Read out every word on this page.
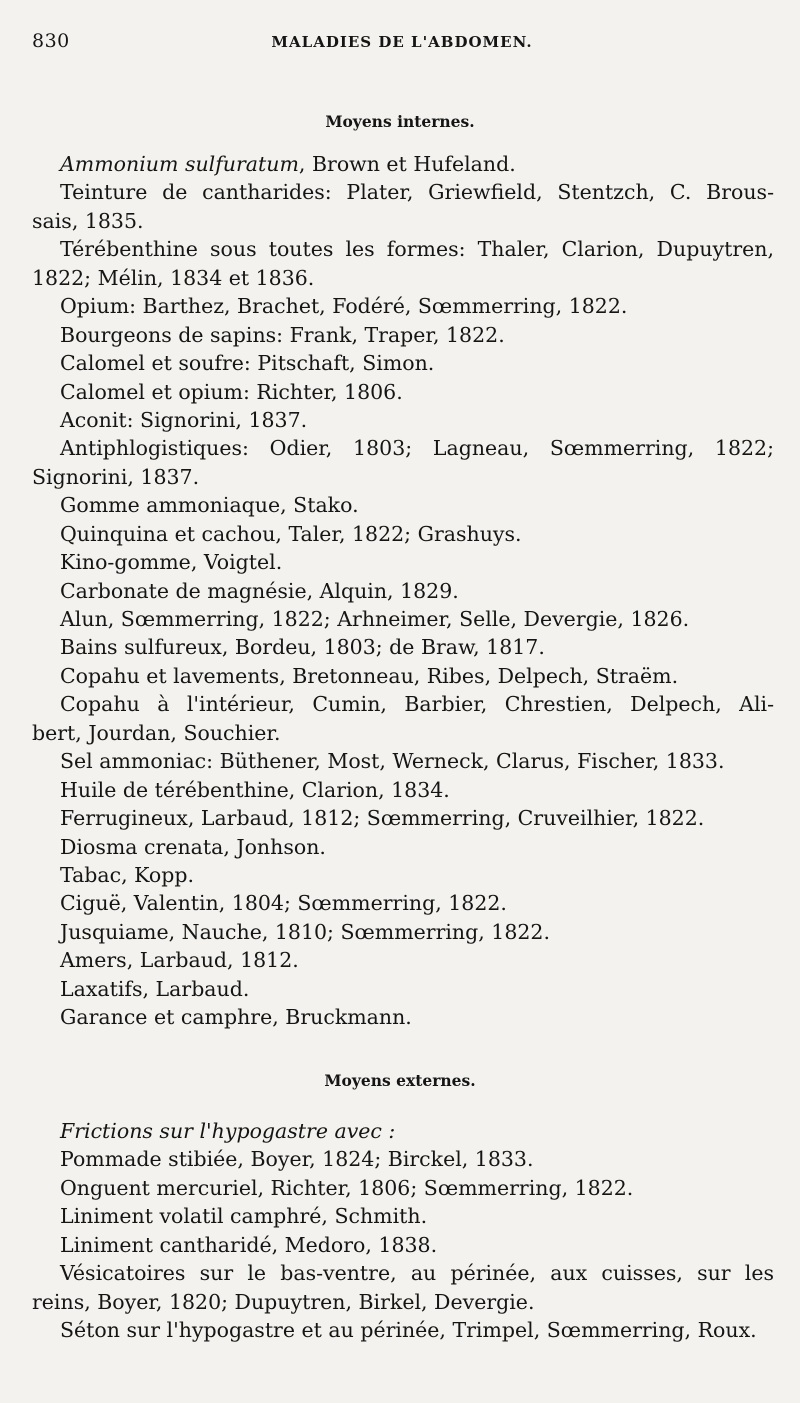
830	MALADIES DE L'ABDOMEN.
Moyens internes.
Ammonium sulfuratum, Brown et Hufeland.
Teinture de cantharides: Plater, Griewfield, Stentzch, C. Brous-
sais, 1835.
Térébenthine sous toutes les formes: Thaler, Clarion, Dupuytren,
1822; Mélin, 1834 et 1836.
Opium: Barthez, Brachet, Fodéré, Sœmmerring, 1822.
Bourgeons de sapins: Frank, Traper, 1822.
Calomel et soufre: Pitschaft, Simon.
Calomel et opium: Richter, 1806.
Aconit: Signorini, 1837.
Antiphlogistiques: Odier, 1803; Lagneau, Sœmmerring, 1822;
Signorini, 1837.
Gomme ammoniaque, Stako.
Quinquina et cachou, Taler, 1822; Grashuys.
Kino-gomme, Voigtel.
Carbonate de magnésie, Alquin, 1829.
Alun, Sœmmerring, 1822; Arhneimer, Selle, Devergie, 1826.
Bains sulfureux, Bordeu, 1803; de Braw, 1817.
Copahu et lavements, Bretonneau, Ribes, Delpech, Straëm.
Copahu à l'intérieur, Cumin, Barbier, Chrestien, Delpech, Ali-
bert, Jourdan, Souchier.
Sel ammoniac: Büthener, Most, Werneck, Clarus, Fischer, 1833.
Huile de térébenthine, Clarion, 1834.
Ferrugineux, Larbaud, 1812; Sœmmerring, Cruveilhier, 1822.
Diosma crenata, Jonhson.
Tabac, Kopp.
Ciguë, Valentin, 1804; Sœmmerring, 1822.
Jusquiame, Nauche, 1810; Sœmmerring, 1822.
Amers, Larbaud, 1812.
Laxatifs, Larbaud.
Garance et camphre, Bruckmann.
Moyens externes.
Frictions sur l'hypogastre avec :
Pommade stibiée, Boyer, 1824; Birckel, 1833.
Onguent mercuriel, Richter, 1806; Sœmmerring, 1822.
Liniment volatil camphré, Schmith.
Liniment cantharidé, Medoro, 1838.
Vésicatoires sur le bas-ventre, au périnée, aux cuisses, sur les
reins, Boyer, 1820; Dupuytren, Birkel, Devergie.
Séton sur l'hypogastre et au périnée, Trimpel, Sœmmerring, Roux.
